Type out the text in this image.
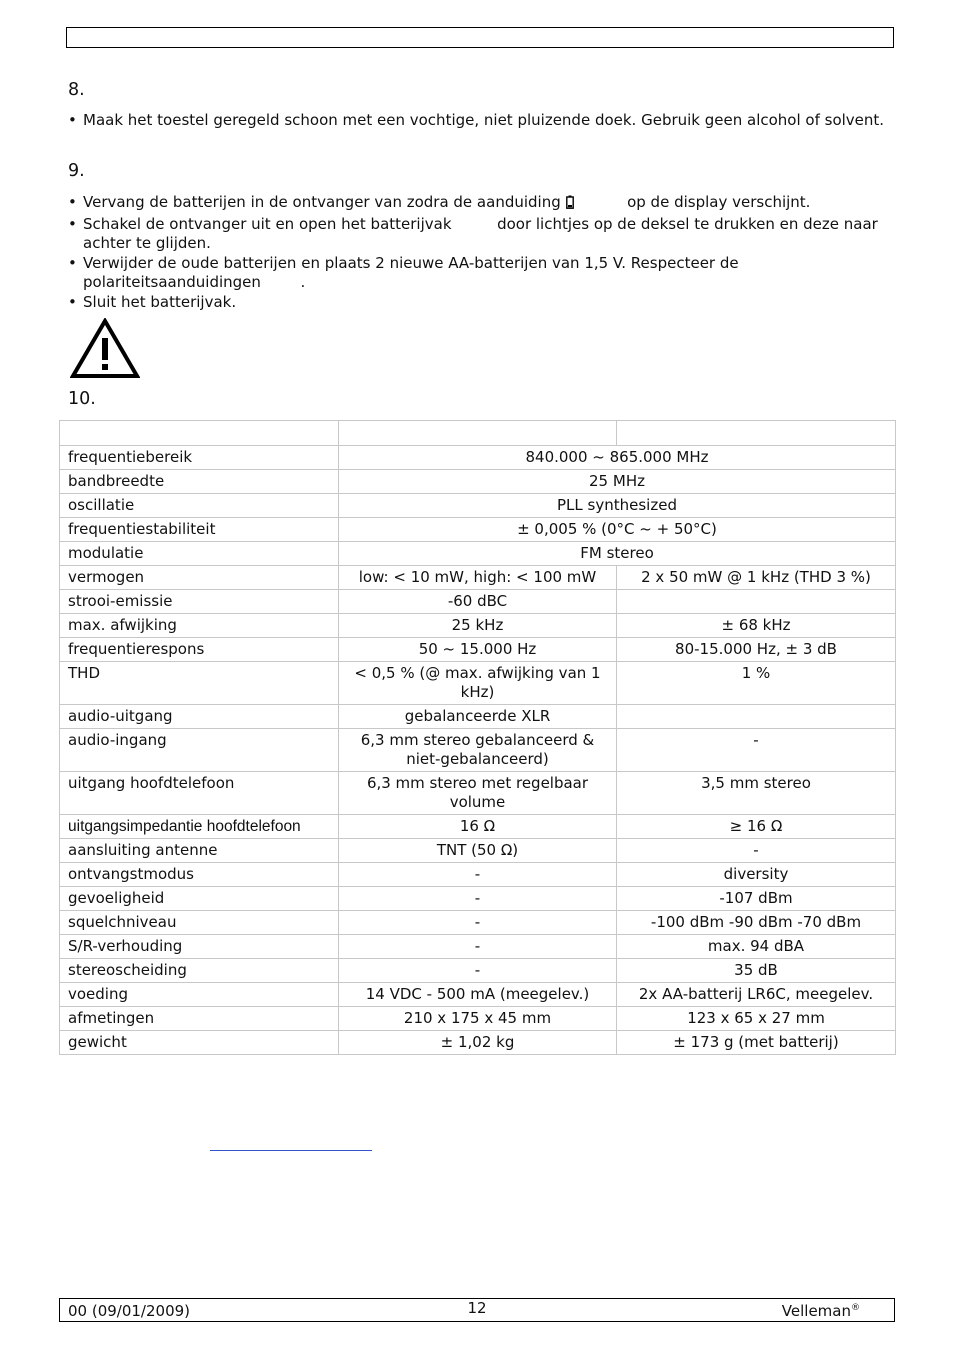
8.
• Maak het toestel geregeld schoon met een vochtige, niet pluizende doek. Gebruik geen alcohol of solvent.
9.
• Vervang de batterijen in de ontvanger van zodra de aanduiding	op de display verschijnt.
• Schakel de ontvanger uit en open het batterijvak	door lichtjes op de deksel te drukken en deze naar achter te glijden.
• Verwijder de oude batterijen en plaats 2 nieuwe AA-batterijen van 1,5 V. Respecteer de polariteitsaanduidingen	.
• Sluit het batterijvak.
10.

frequentiebereik	840.000 ~ 865.000 MHz	
bandbreedte	25 MHz	
oscillatie	PLL synthesized	
frequentiestabiliteit	± 0,005 % (0°C ~ + 50°C)	
modulatie	FM stereo	
vermogen	low: < 10 mW, high: < 100 mW	2 x 50 mW @ 1 kHz (THD 3 %)
strooi-emissie	-60 dBC	
max. afwijking	25 kHz	± 68 kHz
frequentierespons	50 ~ 15.000 Hz	80-15.000 Hz, ± 3 dB
THD	< 0,5 % (@ max. afwijking van 1 kHz)	1 %
audio-uitgang	gebalanceerde XLR	
audio-ingang	6,3 mm stereo gebalanceerd & niet-gebalanceerd)	-
uitgang hoofdtelefoon	6,3 mm stereo met regelbaar volume	3,5 mm stereo
uitgangsimpedantie hoofdtelefoon	16 Ω	≥ 16 Ω
aansluiting antenne	TNT (50 Ω)	-
ontvangstmodus	-	diversity
gevoeligheid	-	-107 dBm
squelchniveau	-	-100 dBm -90 dBm -70 dBm
S/R-verhouding	-	max. 94 dBA
stereoscheiding	-	35 dB
voeding	14 VDC - 500 mA (meegelev.)	2x AA-batterij LR6C, meegelev.
afmetingen	210 x 175 x 45 mm	123 x 65 x 27 mm
gewicht	± 1,02 kg	± 173 g (met batterij)
00 (09/01/2009)	12	Velleman®
